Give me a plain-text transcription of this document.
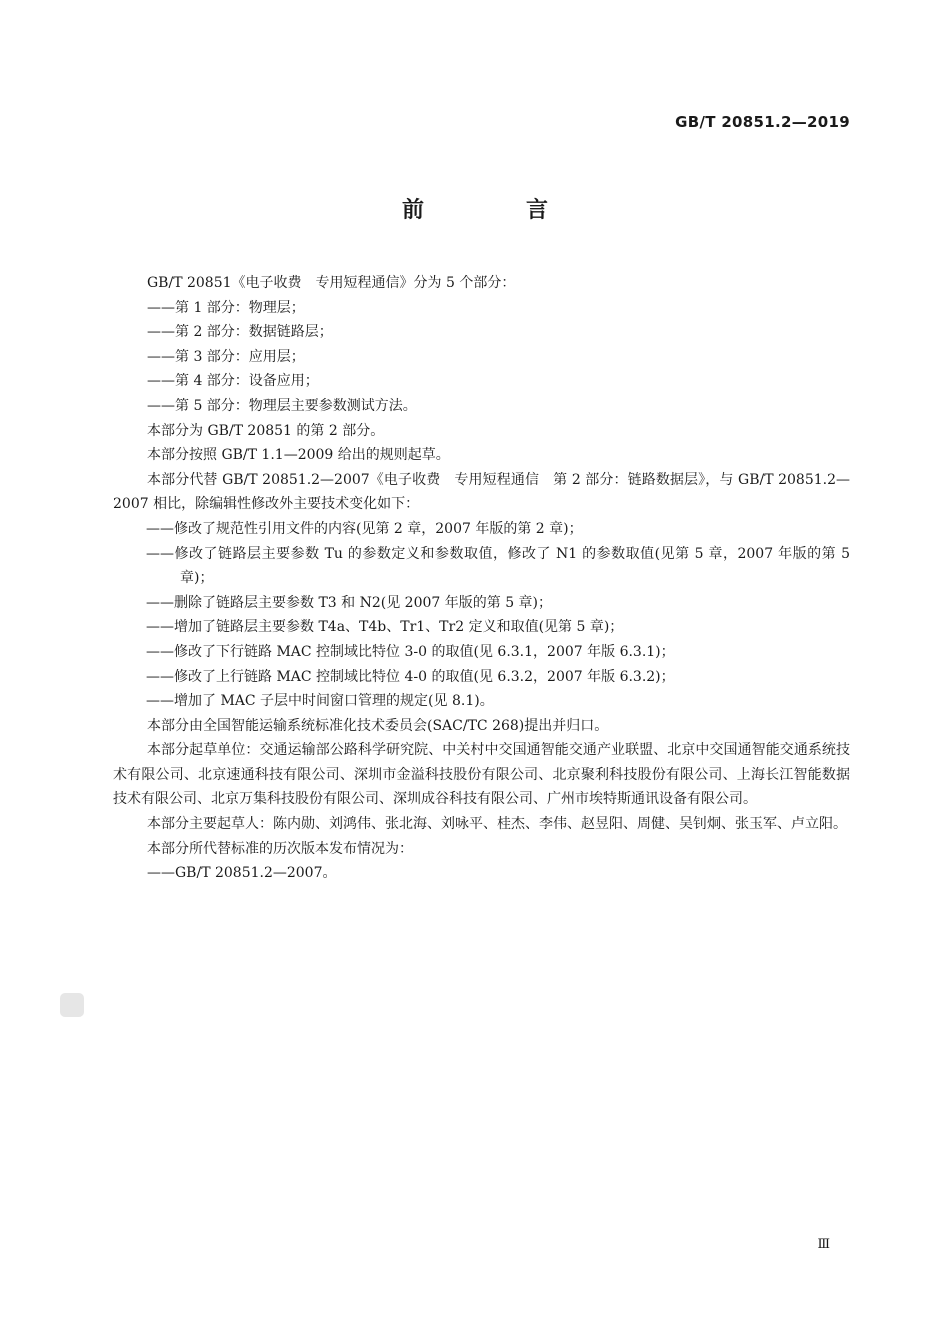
GB/T 20851.2—2019
前　言

GB/T 20851《电子收费　专用短程通信》分为 5 个部分：

——第 1 部分：物理层；

——第 2 部分：数据链路层；

——第 3 部分：应用层；

——第 4 部分：设备应用；

——第 5 部分：物理层主要参数测试方法。

本部分为 GB/T 20851 的第 2 部分。

本部分按照 GB/T 1.1—2009 给出的规则起草。

本部分代替 GB/T 20851.2—2007《电子收费　专用短程通信　第 2 部分：链路数据层》，与 GB/T 20851.2—2007 相比，除编辑性修改外主要技术变化如下：

——修改了规范性引用文件的内容(见第 2 章，2007 年版的第 2 章)；

——修改了链路层主要参数 Tu 的参数定义和参数取值，修改了 N1 的参数取值(见第 5 章，2007 年版的第 5 章)；

——删除了链路层主要参数 T3 和 N2(见 2007 年版的第 5 章)；

——增加了链路层主要参数 T4a、T4b、Tr1、Tr2 定义和取值(见第 5 章)；

——修改了下行链路 MAC 控制域比特位 3-0 的取值(见 6.3.1，2007 年版 6.3.1)；

——修改了上行链路 MAC 控制域比特位 4-0 的取值(见 6.3.2，2007 年版 6.3.2)；

——增加了 MAC 子层中时间窗口管理的规定(见 8.1)。

本部分由全国智能运输系统标准化技术委员会(SAC/TC 268)提出并归口。

本部分起草单位：交通运输部公路科学研究院、中关村中交国通智能交通产业联盟、北京中交国通智能交通系统技术有限公司、北京速通科技有限公司、深圳市金溢科技股份有限公司、北京聚利科技股份有限公司、上海长江智能数据技术有限公司、北京万集科技股份有限公司、深圳成谷科技有限公司、广州市埃特斯通讯设备有限公司。

本部分主要起草人：陈内勋、刘鸿伟、张北海、刘咏平、桂杰、李伟、赵昱阳、周健、吴钊炯、张玉军、卢立阳。

本部分所代替标准的历次版本发布情况为：

——GB/T 20851.2—2007。

Ⅲ
